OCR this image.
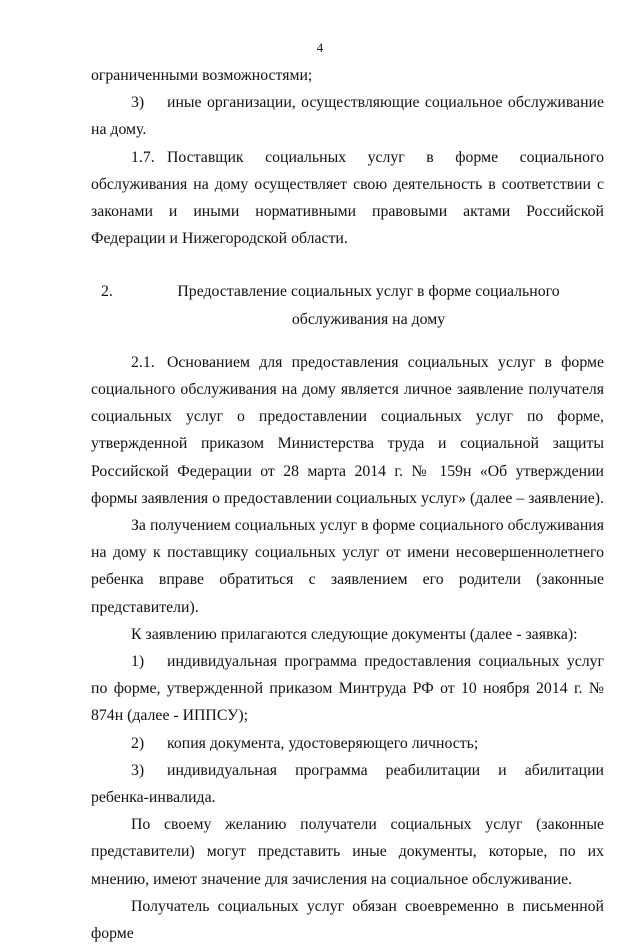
4

ограниченными возможностями;

3) иные организации, осуществляющие социальное обслуживание на дому.

1.7. Поставщик социальных услуг в форме социального обслуживания на дому осуществляет свою деятельность в соответствии с законами и иными нормативными правовыми актами Российской Федерации и Нижегородской области.

2.	Предоставление социальных услуг в форме социального обслуживания на дому

2.1. Основанием для предоставления социальных услуг в форме социального обслуживания на дому является личное заявление получателя социальных услуг о предоставлении социальных услуг по форме, утвержденной приказом Министерства труда и социальной защиты Российской Федерации от 28 марта 2014 г. № 159н «Об утверждении формы заявления о предоставлении социальных услуг» (далее – заявление).

За получением социальных услуг в форме социального обслуживания на дому к поставщику социальных услуг от имени несовершеннолетнего ребенка вправе обратиться с заявлением его родители (законные представители).

К заявлению прилагаются следующие документы (далее - заявка):

1) индивидуальная программа предоставления социальных услуг по форме, утвержденной приказом Минтруда РФ от 10 ноября 2014 г. № 874н (далее - ИППСУ);

2) копия документа, удостоверяющего личность;

3) индивидуальная программа реабилитации и абилитации ребенка-инвалида.

По своему желанию получатели социальных услуг (законные представители) могут представить иные документы, которые, по их мнению, имеют значение для зачисления на социальное обслуживание.

Получатель социальных услуг обязан своевременно в письменной форме
